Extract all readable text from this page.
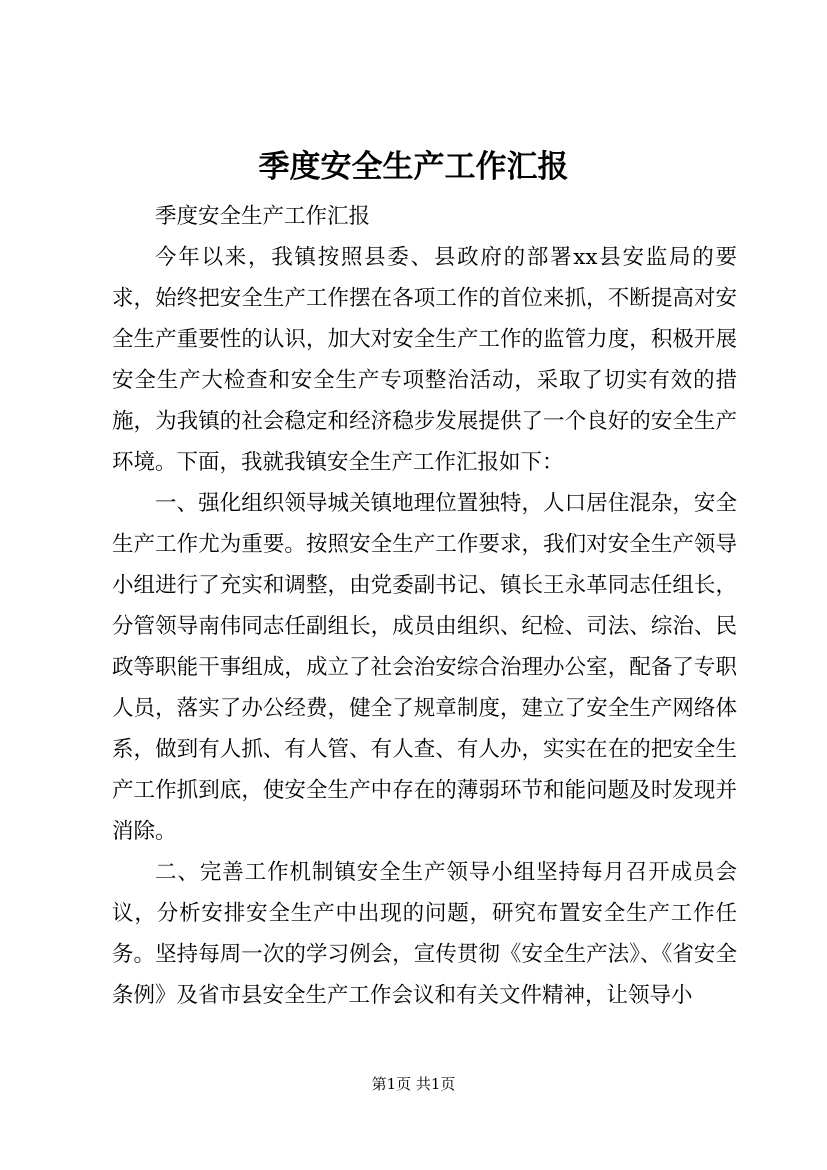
季度安全生产工作汇报

季度安全生产工作汇报

今年以来，我镇按照县委、县政府的部署xx县安监局的要求，始终把安全生产工作摆在各项工作的首位来抓，不断提高对安全生产重要性的认识，加大对安全生产工作的监管力度，积极开展安全生产大检查和安全生产专项整治活动，采取了切实有效的措施，为我镇的社会稳定和经济稳步发展提供了一个良好的安全生产环境。下面，我就我镇安全生产工作汇报如下：

一、强化组织领导城关镇地理位置独特，人口居住混杂，安全生产工作尤为重要。按照安全生产工作要求，我们对安全生产领导小组进行了充实和调整，由党委副书记、镇长王永革同志任组长，分管领导南伟同志任副组长，成员由组织、纪检、司法、综治、民政等职能干事组成，成立了社会治安综合治理办公室，配备了专职人员，落实了办公经费，健全了规章制度，建立了安全生产网络体系，做到有人抓、有人管、有人查、有人办，实实在在的把安全生产工作抓到底，使安全生产中存在的薄弱环节和能问题及时发现并消除。

二、完善工作机制镇安全生产领导小组坚持每月召开成员会议，分析安排安全生产中出现的问题，研究布置安全生产工作任务。坚持每周一次的学习例会，宣传贯彻《安全生产法》、《省安全条例》及省市县安全生产工作会议和有关文件精神，让领导小

第1页 共1页
